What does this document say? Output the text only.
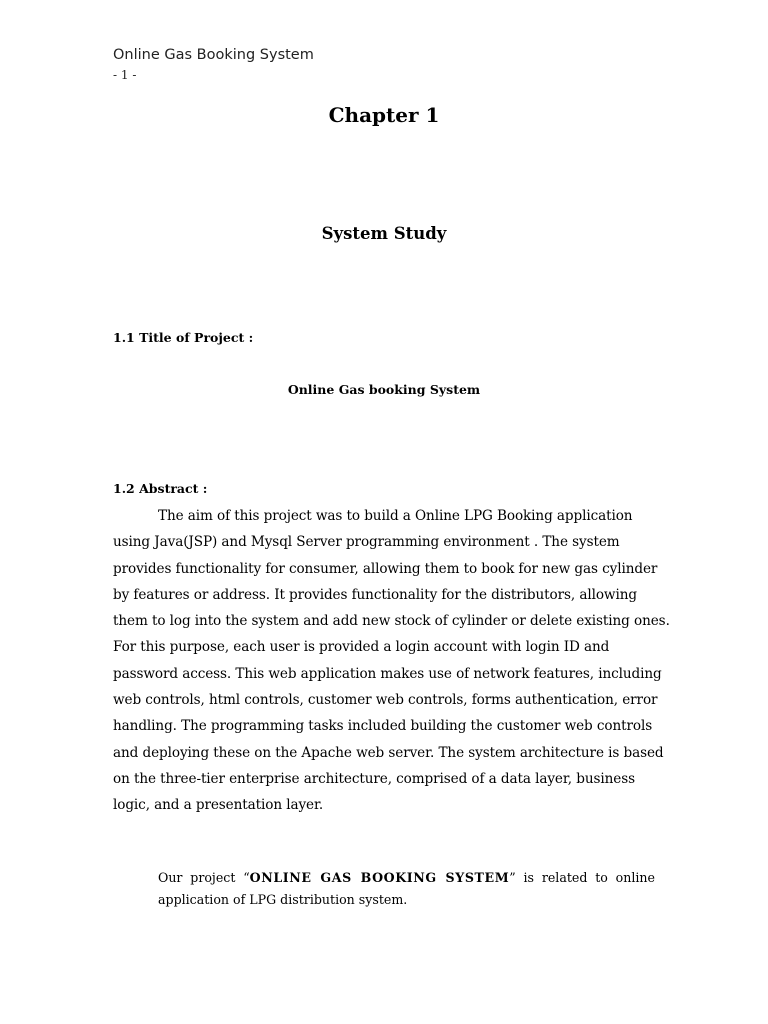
Online Gas Booking System
- 1 -
Chapter 1
System Study
1.1 Title of Project :
Online Gas booking System
1.2 Abstract :
The aim of this project was to build a Online LPG Booking application
using Java(JSP) and Mysql Server programming environment . The system
provides functionality for consumer, allowing them to book for new gas cylinder
by features or address. It provides functionality for the distributors, allowing
them to log into the system and add new stock of cylinder or delete existing ones.
For this purpose, each user is provided a login account with login ID and
password access. This web application makes use of network features, including
web controls, html controls, customer web controls, forms authentication, error
handling. The programming tasks included building the customer web controls
and deploying these on the Apache web server. The system architecture is based
on the three-tier enterprise architecture, comprised of a data layer, business
logic, and a presentation layer.
Our project “ONLINE GAS BOOKING SYSTEM” is related to online
application of LPG distribution system.
